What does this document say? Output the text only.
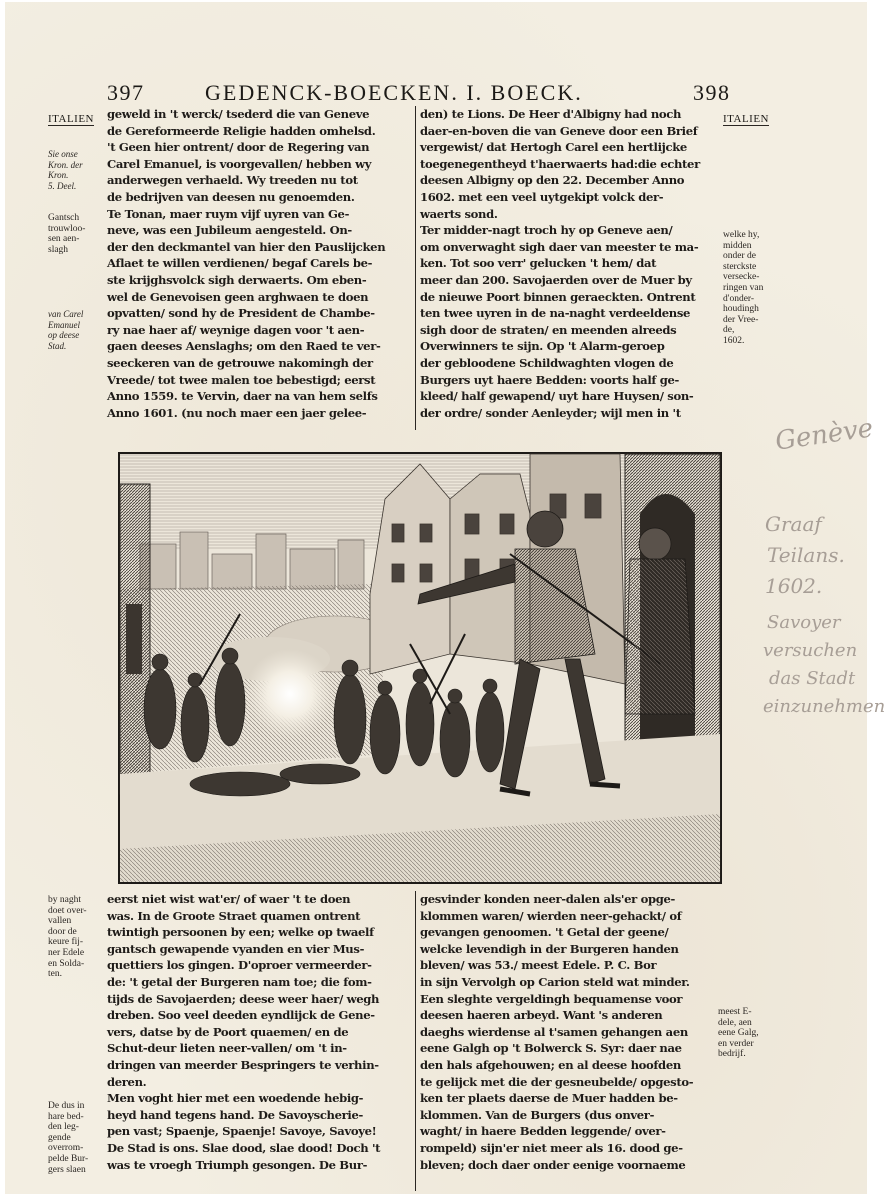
397	GEDENCK-BOECKEN. I. BOECK.	398
ITALIEN
Sie onse
Kron. der
Kron.
5. Deel.
Gantsch
trouwloo-
sen aen-
slagh
van Carel
Emanuel
op deese
Stad.
geweld in 't werck/ tsederd die van Geneve
de Gereformeerde Religie hadden omhelsd.
't Geen hier ontrent/ door de Regering van
Carel Emanuel, is voorgevallen/ hebben wy
anderwegen verhaeld. Wy treeden nu tot
de bedrijven van deesen nu genoemden.
Te Tonan, maer ruym vijf uyren van Ge-
neve, was een Jubileum aengesteld. On-
der den deckmantel van hier den Pauslijcken
Aflaet te willen verdienen/ begaf Carels be-
ste krijghsvolck sigh derwaerts. Om eben-
wel de Genevoisen geen arghwaen te doen
opvatten/ sond hy de President de Chambe-
ry nae haer af/ weynige dagen voor 't aen-
gaen deeses Aenslaghs; om den Raed te ver-
seeckeren van de getrouwe nakomingh der
Vreede/ tot twee malen toe bebestigd; eerst
Anno 1559. te Vervin, daer na van hem selfs
Anno 1601. (nu noch maer een jaer gelee-
den) te Lions. De Heer d'Albigny had noch
daer-en-boven die van Geneve door een Brief
vergewist/ dat Hertogh Carel een hertlijcke
toegenegentheyd t'haerwaerts had:die echter
deesen Albigny op den 22. December Anno
1602. met een veel uytgekipt volck der-
waerts sond.
Ter midder-nagt troch hy op Geneve aen/
om onverwaght sigh daer van meester te ma-
ken. Tot soo verr' gelucken 't hem/ dat
meer dan 200. Savojaerden over de Muer by
de nieuwe Poort binnen geraeckten. Ontrent
ten twee uyren in de na-naght verdeeldense
sigh door de straten/ en meenden alreeds
Overwinners te sijn. Op 't Alarm-geroep
der gebloodene Schildwaghten vlogen de
Burgers uyt haere Bedden: voorts half ge-
kleed/ half gewapend/ uyt hare Huysen/ son-
der ordre/ sonder Aenleyder; wijl men in 't
ITALIEN
welke hy,
midden
onder de
sterckste
versecke-
ringen van
d'onder-
houdingh
der Vree-
de,
1602.
Genève
Graaf
Teilans.
1602.
Savoyer
versuchen
das Stadt
einzunehmen
by naght
doet over-
vallen
door de
keure fij-
ner Edele
en Solda-
ten.
De dus in
hare bed-
den leg-
gende
overrom-
pelde Bur-
gers slaen
eerst niet wist wat'er/ of waer 't te doen
was. In de Groote Straet quamen ontrent
twintigh persoonen by een; welke op twaelf
gantsch gewapende vyanden en vier Mus-
quettiers los gingen. D'oproer vermeerder-
de: 't getal der Burgeren nam toe; die fom-
tijds de Savojaerden; deese weer haer/ wegh
dreben. Soo veel deeden eyndlijck de Gene-
vers, datse by de Poort quaemen/ en de
Schut-deur lieten neer-vallen/ om 't in-
dringen van meerder Bespringers te verhin-
deren.
Men voght hier met een woedende hebig-
heyd hand tegens hand. De Savoyscherie-
pen vast; Spaenje, Spaenje! Savoye, Savoye!
De Stad is ons. Slae dood, slae dood! Doch 't
was te vroegh Triumph gesongen. De Bur-
gesvinder konden neer-dalen als'er opge-
klommen waren/ wierden neer-gehackt/ of
gevangen genoomen. 't Getal der geene/
welcke levendigh in der Burgeren handen
bleven/ was 53./ meest Edele. P. C. Bor
in sijn Vervolgh op Carion steld wat minder.
Een sleghte vergeldingh bequamense voor
deesen haeren arbeyd. Want 's anderen
daeghs wierdense al t'samen gehangen aen
eene Galgh op 't Bolwerck S. Syr: daer nae
den hals afgehouwen; en al deese hoofden
te gelijck met die der gesneubelde/ opgesto-
ken ter plaets daerse de Muer hadden be-
klommen. Van de Burgers (dus onver-
waght/ in haere Bedden leggende/ over-
rompeld) sijn'er niet meer als 16. dood ge-
bleven; doch daer onder eenige voornaeme
meest E-
dele, aen
eene Galg,
en verder
bedrijf.
